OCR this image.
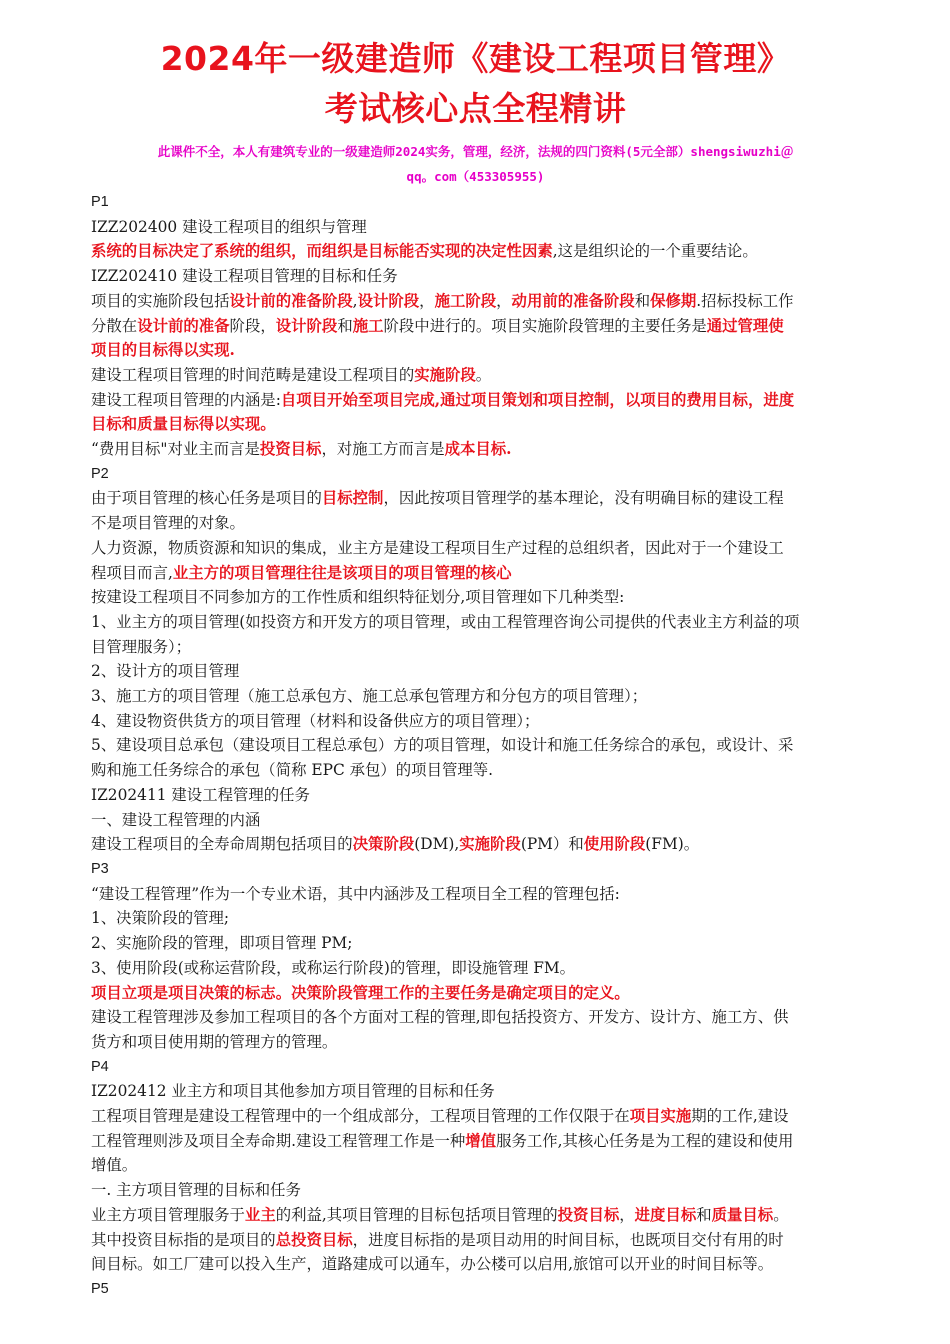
2024年一级建造师《建设工程项目管理》
考试核心点全程精讲
此课件不全，本人有建筑专业的一级建造师2024实务，管理，经济，法规的四门资料(5元全部）shengsiwuzhi＠
qq。com（453305955)

P1

IZZ202400 建设工程项目的组织与管理

系统的目标决定了系统的组织，而组织是目标能否实现的决定性因素,这是组织论的一个重要结论。

IZZ202410 建设工程项目管理的目标和任务

项目的实施阶段包括设计前的准备阶段,设计阶段，施工阶段，动用前的准备阶段和保修期.招标投标工作

分散在设计前的准备阶段，设计阶段和施工阶段中进行的。项目实施阶段管理的主要任务是通过管理使

项目的目标得以实现.

建设工程项目管理的时间范畴是建设工程项目的实施阶段。

建设工程项目管理的内涵是:自项目开始至项目完成,通过项目策划和项目控制，以项目的费用目标，进度

目标和质量目标得以实现。

“费用目标"对业主而言是投资目标，对施工方而言是成本目标.

P2

由于项目管理的核心任务是项目的目标控制，因此按项目管理学的基本理论，没有明确目标的建设工程

不是项目管理的对象。

人力资源，物质资源和知识的集成，业主方是建设工程项目生产过程的总组织者，因此对于一个建设工

程项目而言,业主方的项目管理往往是该项目的项目管理的核心

按建设工程项目不同参加方的工作性质和组织特征划分,项目管理如下几种类型:

1、业主方的项目管理(如投资方和开发方的项目管理，或由工程管理咨询公司提供的代表业主方利益的项

目管理服务）；

2、设计方的项目管理

3、施工方的项目管理（施工总承包方、施工总承包管理方和分包方的项目管理）；

4、建设物资供货方的项目管理（材料和设备供应方的项目管理）；

5、建设项目总承包（建设项目工程总承包）方的项目管理，如设计和施工任务综合的承包，或设计、采

购和施工任务综合的承包（简称 EPC 承包）的项目管理等.

IZ202411 建设工程管理的任务

一、建设工程管理的内涵

建设工程项目的全寿命周期包括项目的决策阶段(DM),实施阶段(PM）和使用阶段(FM)。

P3

“建设工程管理”作为一个专业术语，其中内涵涉及工程项目全工程的管理包括:

1、决策阶段的管理;

2、实施阶段的管理，即项目管理 PM;

3、使用阶段(或称运营阶段，或称运行阶段)的管理，即设施管理 FM。

项目立项是项目决策的标志。决策阶段管理工作的主要任务是确定项目的定义。

建设工程管理涉及参加工程项目的各个方面对工程的管理,即包括投资方、开发方、设计方、施工方、供

货方和项目使用期的管理方的管理。

P4

IZ202412 业主方和项目其他参加方项目管理的目标和任务

工程项目管理是建设工程管理中的一个组成部分，工程项目管理的工作仅限于在项目实施期的工作,建设

工程管理则涉及项目全寿命期.建设工程管理工作是一种增值服务工作,其核心任务是为工程的建设和使用

增值。

一. 主方项目管理的目标和任务

业主方项目管理服务于业主的利益,其项目管理的目标包括项目管理的投资目标，进度目标和质量目标。

其中投资目标指的是项目的总投资目标，进度目标指的是项目动用的时间目标，也既项目交付有用的时

间目标。如工厂建可以投入生产，道路建成可以通车，办公楼可以启用,旅馆可以开业的时间目标等。

P5
